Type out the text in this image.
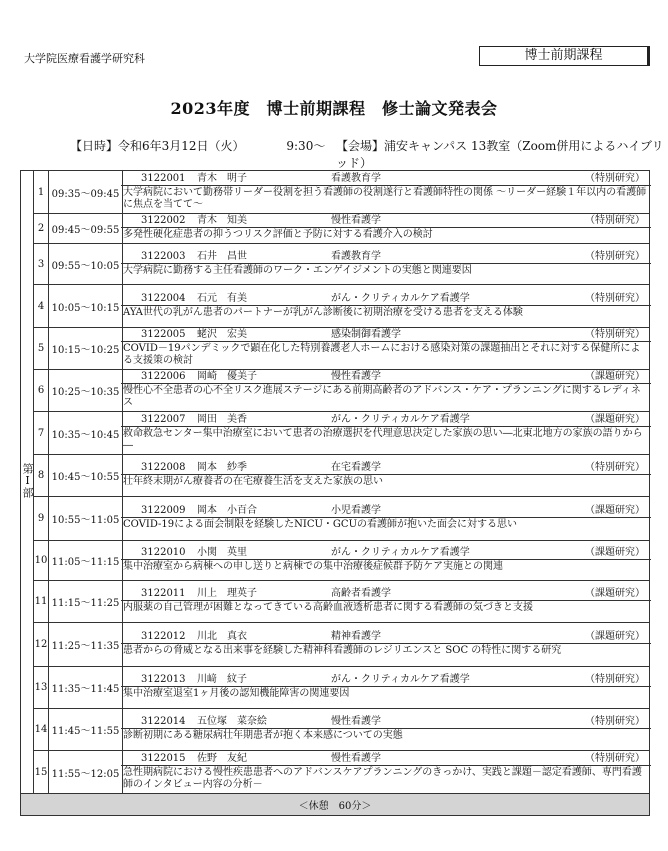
大学院医療看護学研究科	博士前期課程
2023年度　博士前期課程　修士論文発表会
【日時】令和6年3月12日（火）	9:30～ 【会場】浦安キャンパス 13教室（Zoom併用によるハイブリッド）
第Ⅰ部	1	09:35～09:45	3122001 青木　明子 看護教育学 （特別研究）
大学病院において勤務帯リーダー役割を担う看護師の役割遂行と看護師特性の関係 ～リーダー経験１年以内の看護師に焦点を当てて～

	2	09:45～09:55	3122002 青木　知美 慢性看護学 （特別研究）
多発性硬化症患者の抑うつリスク評価と予防に対する看護介入の検討

	3	09:55～10:05	3122003 石井　昌世 看護教育学 （特別研究）
大学病院に勤務する主任看護師のワーク・エンゲイジメントの実態と関連要因

	4	10:05～10:15	3122004 石元　有美 がん・クリティカルケア看護学 （特別研究）
AYA世代の乳がん患者のパートナーが乳がん診断後に初期治療を受ける患者を支える体験

	5	10:15～10:25	3122005 蛯沢　宏美 感染制御看護学 （特別研究）
COVID－19パンデミックで顕在化した特別養護老人ホームにおける感染対策の課題抽出とそれに対する保健所による支援策の検討

	6	10:25～10:35	3122006 岡崎　優美子 慢性看護学 （課題研究）
慢性心不全患者の心不全リスク進展ステージにある前期高齢者のアドバンス・ケア・プランニングに関するレディネス

	7	10:35～10:45	3122007 岡田　美香 がん・クリティカルケア看護学 （課題研究）
救命救急センター集中治療室において患者の治療選択を代理意思決定した家族の思い―北東北地方の家族の語りから―

	8	10:45～10:55	3122008 岡本　紗季 在宅看護学 （特別研究）
壮年終末期がん療養者の在宅療養生活を支えた家族の思い

	9	10:55～11:05	3122009 岡本　小百合 小児看護学 （課題研究）
COVID-19による面会制限を経験したNICU・GCUの看護師が抱いた面会に対する思い

	10	11:05～11:15	3122010 小関　英里 がん・クリティカルケア看護学 （課題研究）
集中治療室から病棟への申し送りと病棟での集中治療後症候群予防ケア実施との関連

	11	11:15～11:25	3122011 川上　理英子 高齢者看護学 （課題研究）
内服薬の自己管理が困難となってきている高齢血液透析患者に関する看護師の気づきと支援

	12	11:25～11:35	3122012 川北　真衣 精神看護学 （課題研究）
患者からの脅威となる出来事を経験した精神科看護師のレジリエンスと SOC の特性に関する研究

	13	11:35～11:45	3122013 川﨑　紋子 がん・クリティカルケア看護学 （特別研究）
集中治療室退室1ヶ月後の認知機能障害の関連要因

	14	11:45～11:55	3122014 五位塚　菜奈絵 慢性看護学 （特別研究）
診断初期にある糖尿病壮年期患者が抱く本来感についての実態

	15	11:55～12:05	3122015 佐野　友紀 慢性看護学 （特別研究）
急性期病院における慢性疾患患者へのアドバンスケアプランニングのきっかけ、実践と課題－認定看護師、専門看護師のインタビュー内容の分析－

＜休憩　60分＞			
